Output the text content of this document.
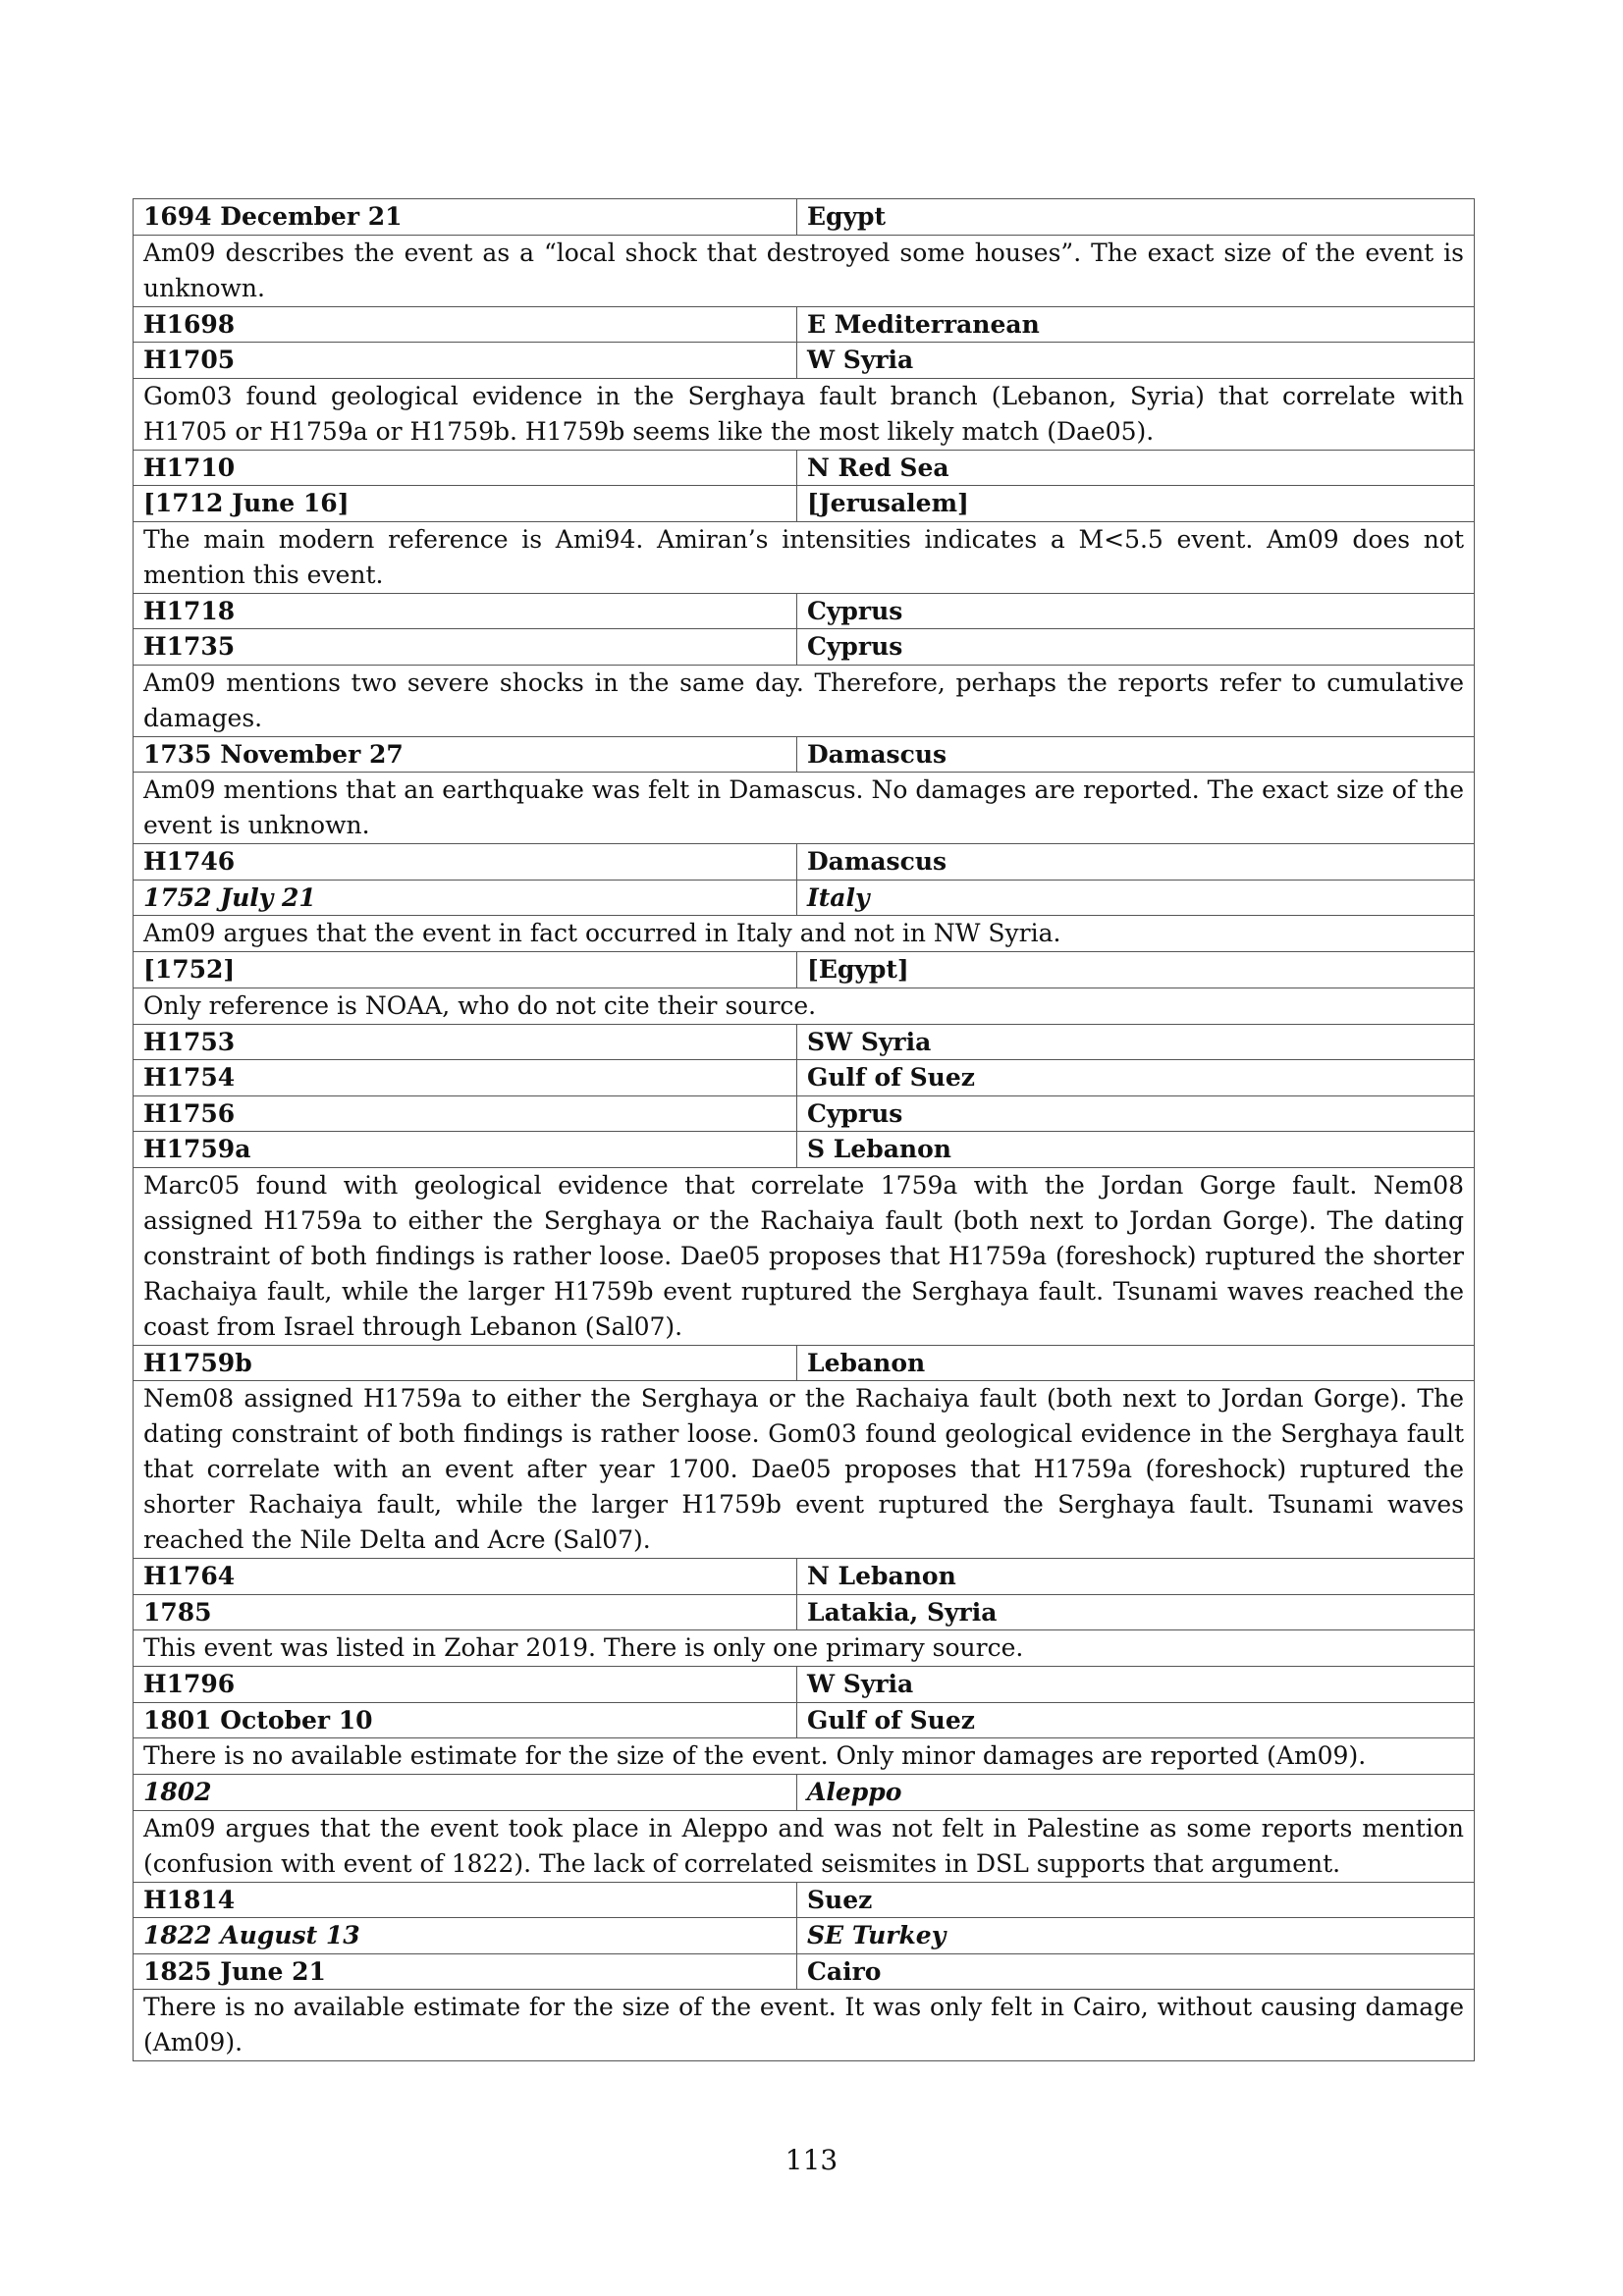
1694 December 21	Egypt
Am09 describes the event as a “local shock that destroyed some houses”. The exact size of the event is unknown.	
H1698	E Mediterranean
H1705	W Syria
Gom03 found geological evidence in the Serghaya fault branch (Lebanon, Syria) that correlate with H1705 or H1759a or H1759b. H1759b seems like the most likely match (Dae05).	
H1710	N Red Sea
[1712 June 16]	[Jerusalem]
The main modern reference is Ami94. Amiran’s intensities indicates a M<5.5 event. Am09 does not mention this event.	
H1718	Cyprus
H1735	Cyprus
Am09 mentions two severe shocks in the same day. Therefore, perhaps the reports refer to cumulative damages.	
1735 November 27	Damascus
Am09 mentions that an earthquake was felt in Damascus. No damages are reported. The exact size of the event is unknown.	
H1746	Damascus
1752 July 21	Italy
Am09 argues that the event in fact occurred in Italy and not in NW Syria.	
[1752]	[Egypt]
Only reference is NOAA, who do not cite their source.	
H1753	SW Syria
H1754	Gulf of Suez
H1756	Cyprus
H1759a	S Lebanon
Marc05 found with geological evidence that correlate 1759a with the Jordan Gorge fault. Nem08 assigned H1759a to either the Serghaya or the Rachaiya fault (both next to Jordan Gorge). The dating constraint of both findings is rather loose. Dae05 proposes that H1759a (foreshock) ruptured the shorter Rachaiya fault, while the larger H1759b event ruptured the Serghaya fault. Tsunami waves reached the coast from Israel through Lebanon (Sal07).	
H1759b	Lebanon
Nem08 assigned H1759a to either the Serghaya or the Rachaiya fault (both next to Jordan Gorge). The dating constraint of both findings is rather loose. Gom03 found geological evidence in the Serghaya fault that correlate with an event after year 1700. Dae05 proposes that H1759a (foreshock) ruptured the shorter Rachaiya fault, while the larger H1759b event ruptured the Serghaya fault. Tsunami waves reached the Nile Delta and Acre (Sal07).	
H1764	N Lebanon
1785	Latakia, Syria
This event was listed in Zohar 2019. There is only one primary source.	
H1796	W Syria
1801 October 10	Gulf of Suez
There is no available estimate for the size of the event. Only minor damages are reported (Am09).	
1802	Aleppo
Am09 argues that the event took place in Aleppo and was not felt in Palestine as some reports mention (confusion with event of 1822). The lack of correlated seismites in DSL supports that argument.	
H1814	Suez
1822 August 13	SE Turkey
1825 June 21	Cairo
There is no available estimate for the size of the event. It was only felt in Cairo, without causing damage (Am09).	
113
